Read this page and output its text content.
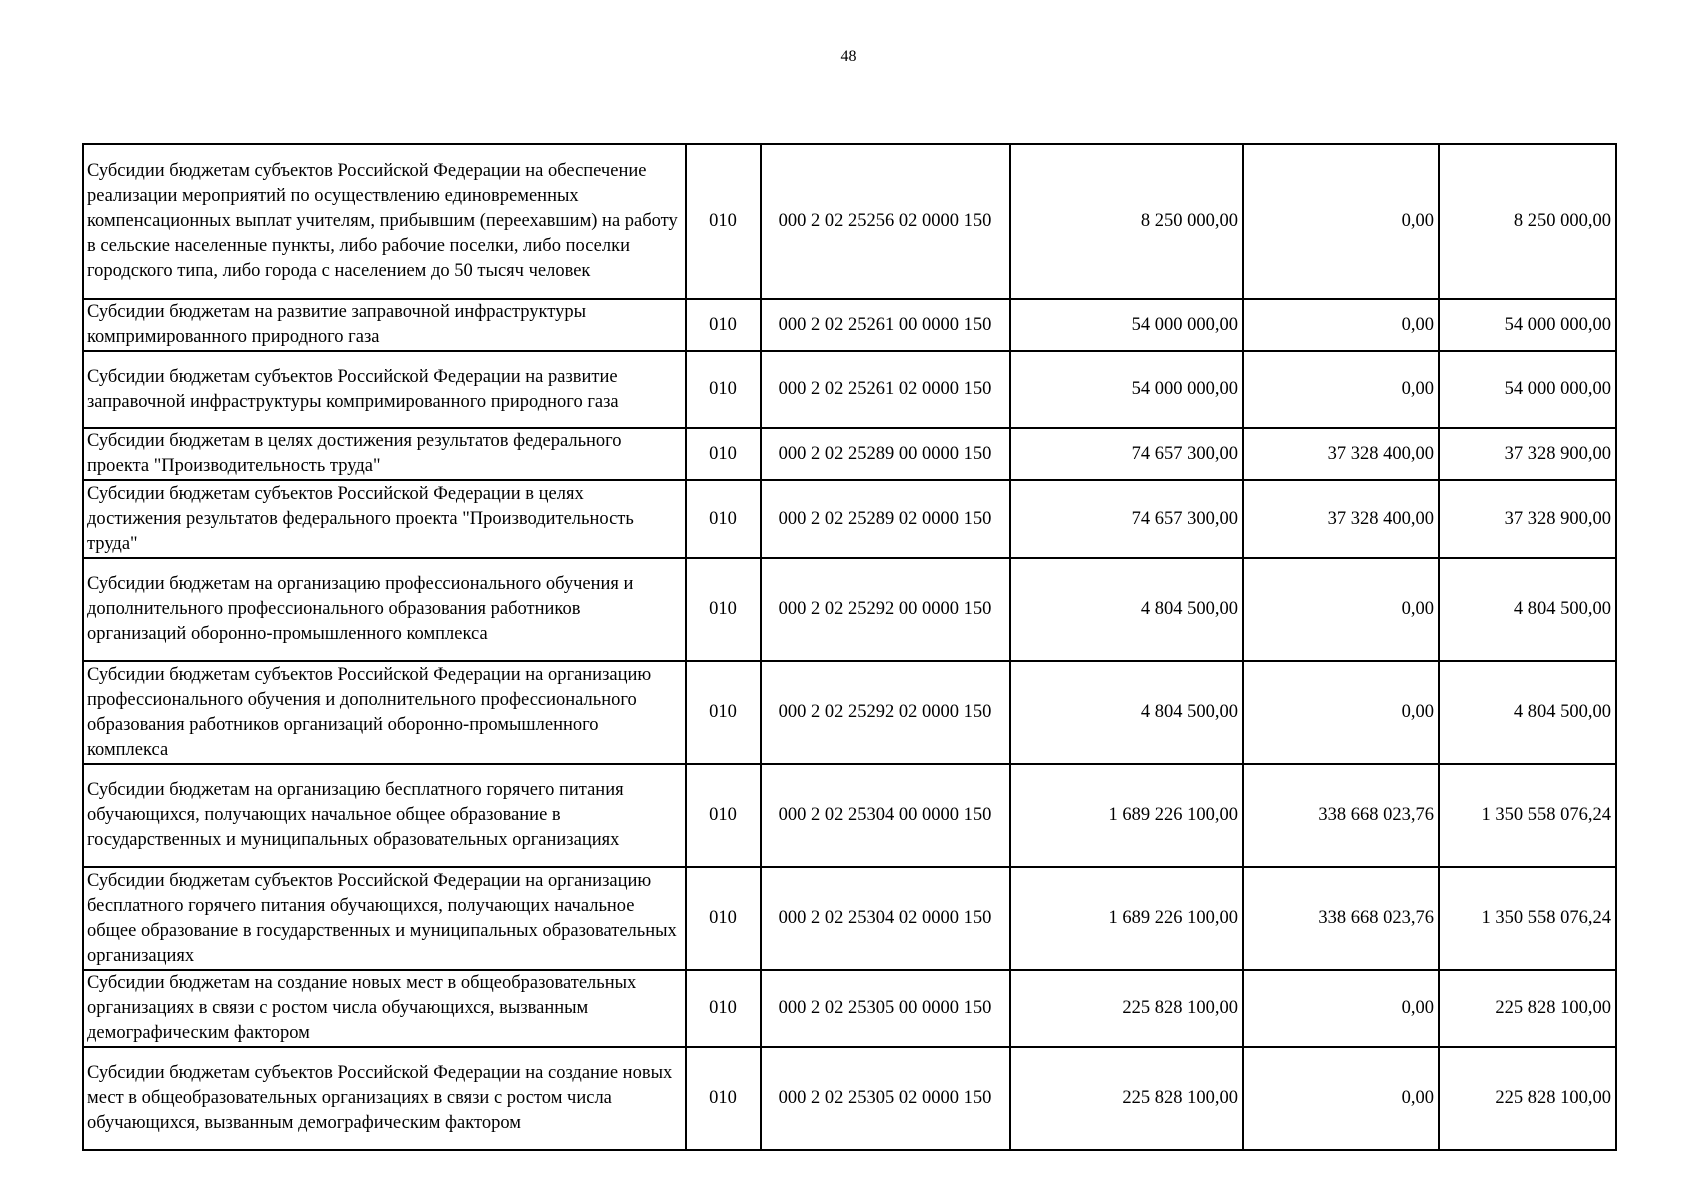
48
Субсидии бюджетам субъектов Российской Федерации на обеспечение реализации мероприятий по осуществлению единовременных компенсационных выплат учителям, прибывшим (переехавшим) на работу в сельские населенные пункты, либо рабочие поселки, либо поселки городского типа, либо города с населением до 50 тысяч человек	010	000 2 02 25256 02 0000 150	8 250 000,00	0,00	8 250 000,00
Субсидии бюджетам на развитие заправочной инфраструктуры компримированного природного газа	010	000 2 02 25261 00 0000 150	54 000 000,00	0,00	54 000 000,00
Субсидии бюджетам субъектов Российской Федерации на развитие заправочной инфраструктуры компримированного природного газа	010	000 2 02 25261 02 0000 150	54 000 000,00	0,00	54 000 000,00
Субсидии бюджетам в целях достижения результатов федерального проекта "Производительность труда"	010	000 2 02 25289 00 0000 150	74 657 300,00	37 328 400,00	37 328 900,00
Субсидии бюджетам субъектов Российской Федерации в целях достижения результатов федерального проекта "Производительность труда"	010	000 2 02 25289 02 0000 150	74 657 300,00	37 328 400,00	37 328 900,00
Субсидии бюджетам на организацию профессионального обучения и дополнительного профессионального образования работников организаций оборонно-промышленного комплекса	010	000 2 02 25292 00 0000 150	4 804 500,00	0,00	4 804 500,00
Субсидии бюджетам субъектов Российской Федерации на организацию профессионального обучения и дополнительного профессионального образования работников организаций оборонно-промышленного комплекса	010	000 2 02 25292 02 0000 150	4 804 500,00	0,00	4 804 500,00
Субсидии бюджетам на организацию бесплатного горячего питания обучающихся, получающих начальное общее образование в государственных и муниципальных образовательных организациях	010	000 2 02 25304 00 0000 150	1 689 226 100,00	338 668 023,76	1 350 558 076,24
Субсидии бюджетам субъектов Российской Федерации на организацию бесплатного горячего питания обучающихся, получающих начальное общее образование в государственных и муниципальных образовательных организациях	010	000 2 02 25304 02 0000 150	1 689 226 100,00	338 668 023,76	1 350 558 076,24
Субсидии бюджетам на создание новых мест в общеобразовательных организациях в связи с ростом числа обучающихся, вызванным демографическим фактором	010	000 2 02 25305 00 0000 150	225 828 100,00	0,00	225 828 100,00
Субсидии бюджетам субъектов Российской Федерации на создание новых мест в общеобразовательных организациях в связи с ростом числа обучающихся, вызванным демографическим фактором	010	000 2 02 25305 02 0000 150	225 828 100,00	0,00	225 828 100,00
